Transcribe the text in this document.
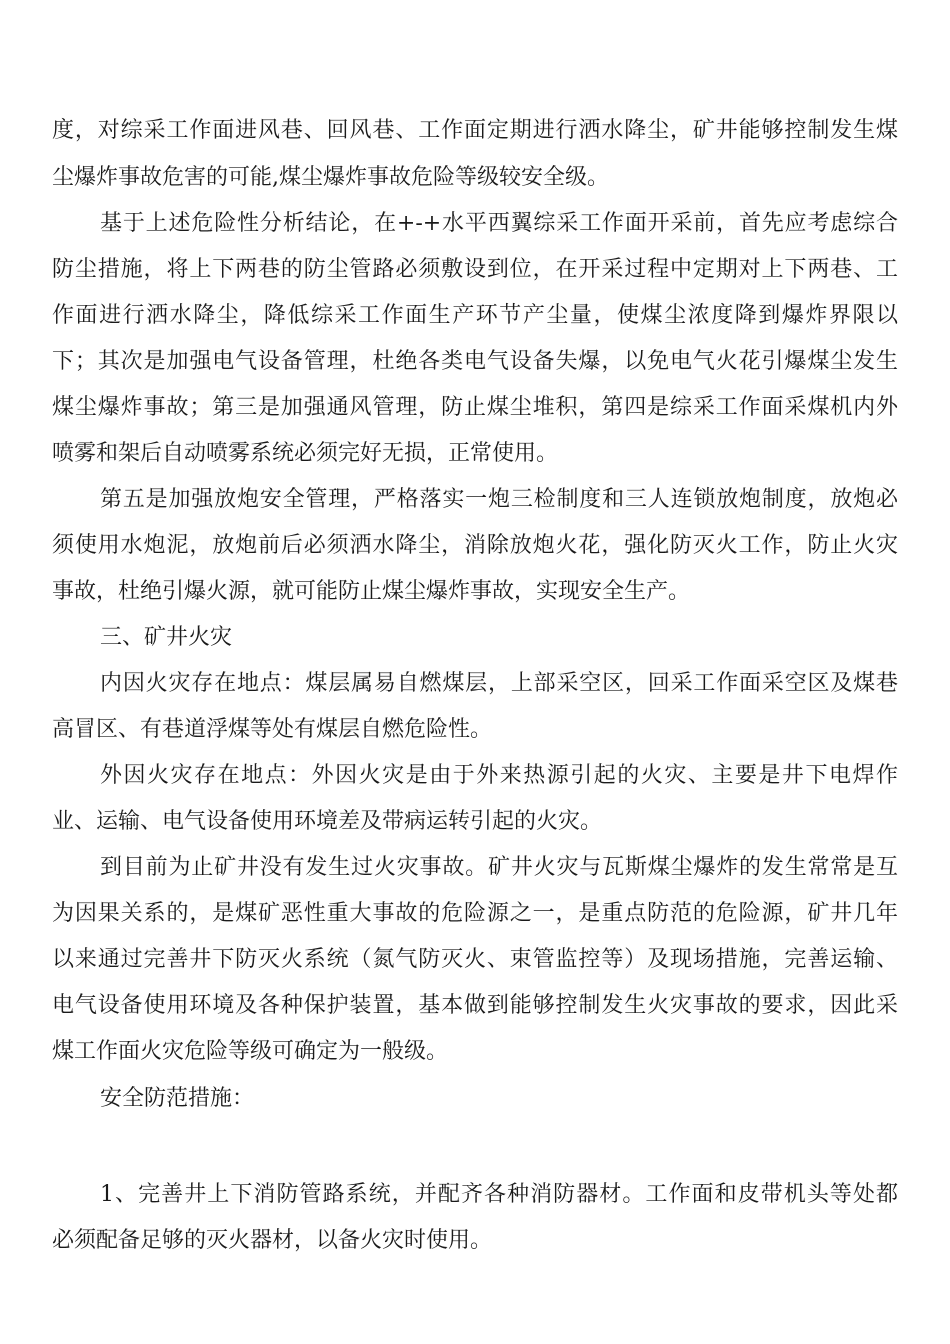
度，对综采工作面进风巷、回风巷、工作面定期进行洒水降尘，矿井能够控制发生煤

尘爆炸事故危害的可能,煤尘爆炸事故危险等级较安全级。

基于上述危险性分析结论，在+-+水平西翼综采工作面开采前，首先应考虑综合

防尘措施，将上下两巷的防尘管路必须敷设到位，在开采过程中定期对上下两巷、工

作面进行洒水降尘，降低综采工作面生产环节产尘量，使煤尘浓度降到爆炸界限以

下；其次是加强电气设备管理，杜绝各类电气设备失爆，以免电气火花引爆煤尘发生

煤尘爆炸事故；第三是加强通风管理，防止煤尘堆积，第四是综采工作面采煤机内外

喷雾和架后自动喷雾系统必须完好无损，正常使用。

第五是加强放炮安全管理，严格落实一炮三检制度和三人连锁放炮制度，放炮必

须使用水炮泥，放炮前后必须洒水降尘，消除放炮火花，强化防灭火工作，防止火灾

事故，杜绝引爆火源，就可能防止煤尘爆炸事故，实现安全生产。

三、矿井火灾

内因火灾存在地点：煤层属易自燃煤层，上部采空区，回采工作面采空区及煤巷

高冒区、有巷道浮煤等处有煤层自燃危险性。

外因火灾存在地点：外因火灾是由于外来热源引起的火灾、主要是井下电焊作

业、运输、电气设备使用环境差及带病运转引起的火灾。

到目前为止矿井没有发生过火灾事故。矿井火灾与瓦斯煤尘爆炸的发生常常是互

为因果关系的，是煤矿恶性重大事故的危险源之一，是重点防范的危险源，矿井几年

以来通过完善井下防灭火系统（氮气防灭火、束管监控等）及现场措施，完善运输、

电气设备使用环境及各种保护装置，基本做到能够控制发生火灾事故的要求，因此采

煤工作面火灾危险等级可确定为一般级。

安全防范措施：

1、完善井上下消防管路系统，并配齐各种消防器材。工作面和皮带机头等处都

必须配备足够的灭火器材，以备火灾时使用。
